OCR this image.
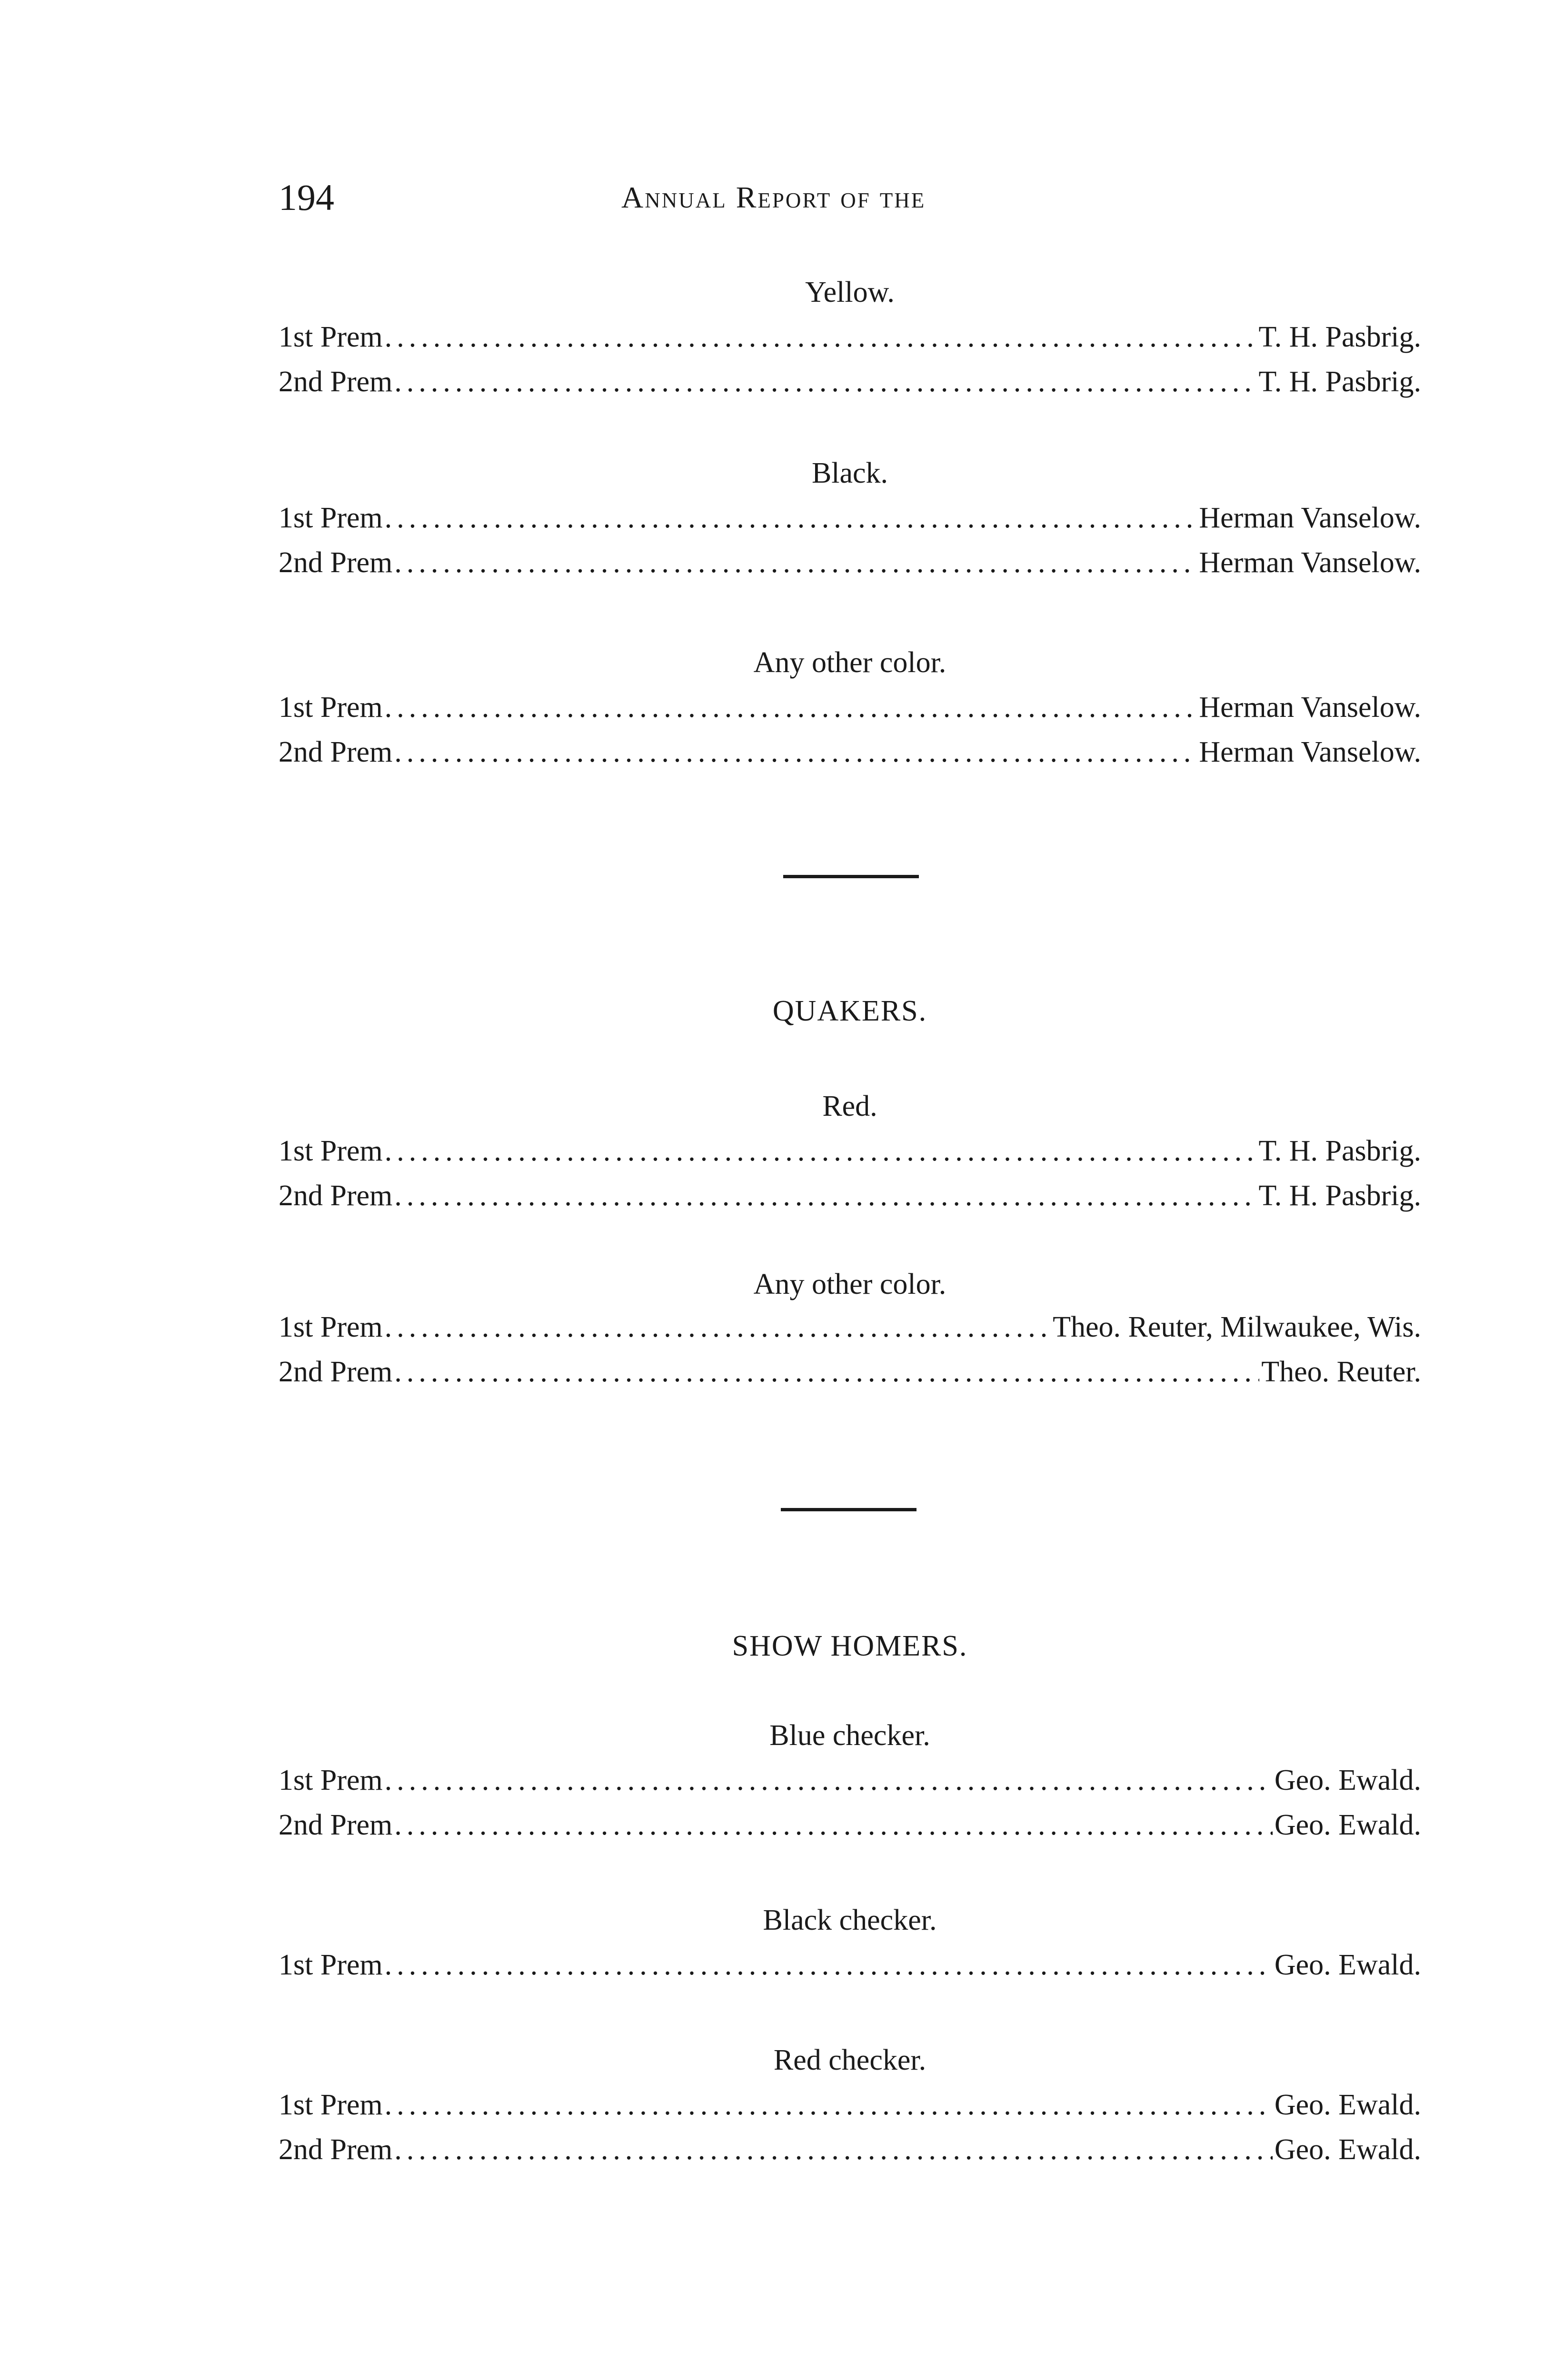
194	Annual Report of the
Yellow.
1st Prem .....	T. H. Pasbrig.
2nd Prem .....	T. H. Pasbrig.
Black.
1st Prem .....	Herman Vanselow.
2nd Prem .....	Herman Vanselow.
Any other color.
1st Prem .....	Herman Vanselow.
2nd Prem .....	Herman Vanselow.
QUAKERS.
Red.
1st Prem .....	T. H. Pasbrig.
2nd Prem .....	T. H. Pasbrig.
Any other color.
1st Prem .....	Theo. Reuter, Milwaukee, Wis.
2nd Prem .....	Theo. Reuter.
SHOW HOMERS.
Blue checker.
1st Prem .....	Geo. Ewald.
2nd Prem .....	Geo. Ewald.
Black checker.
1st Prem .....	Geo. Ewald.
Red checker.
1st Prem .....	Geo. Ewald.
2nd Prem .....	Geo. Ewald.
